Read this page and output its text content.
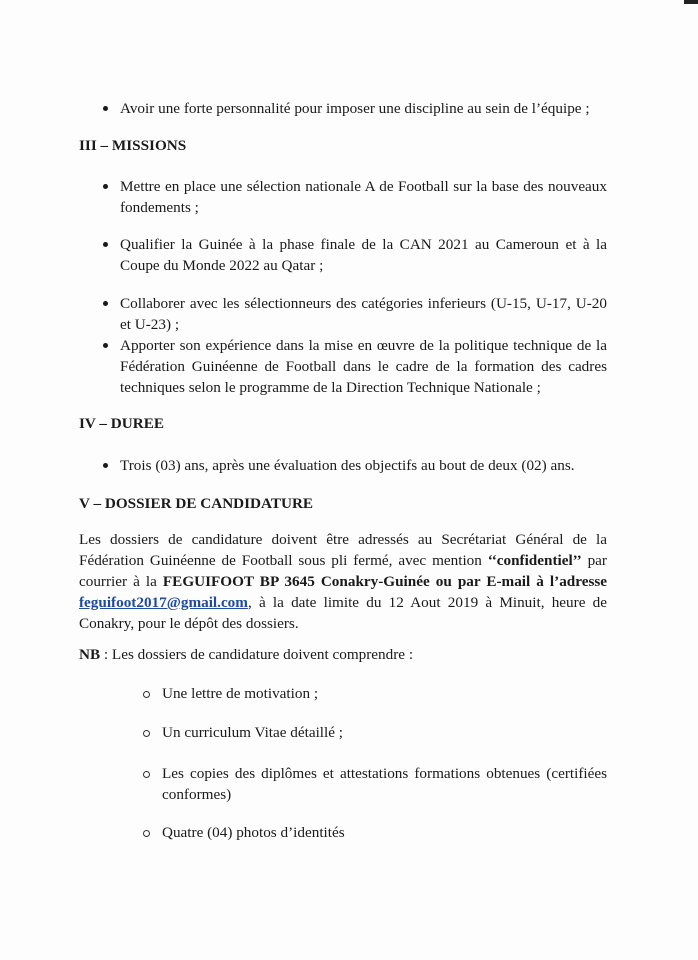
Avoir une forte personnalité pour imposer une discipline au sein de l’équipe ;
III – MISSIONS
Mettre en place une sélection nationale A de Football sur la base des nouveaux fondements ;
Qualifier la Guinée à la phase finale de la CAN 2021 au Cameroun et à la Coupe du Monde 2022 au Qatar ;
Collaborer avec les sélectionneurs des catégories inferieurs (U-15, U-17, U-20 et U-23) ;
Apporter son expérience dans la mise en œuvre de la politique technique de la Fédération Guinéenne de Football dans le cadre de la formation des cadres techniques selon le programme de la Direction Technique Nationale ;
IV – DUREE
Trois (03) ans, après une évaluation des objectifs au bout de deux (02) ans.
V – DOSSIER DE CANDIDATURE
Les dossiers de candidature doivent être adressés au Secrétariat Général de la
Fédération Guinéenne de Football sous pli fermé, avec mention ‘‘confidentiel’’ par
courrier à la FEGUIFOOT BP 3645 Conakry-Guinée ou par E-mail à l’adresse
feguifoot2017@gmail.com, à la date limite du 12 Aout 2019 à Minuit, heure de
Conakry, pour le dépôt des dossiers.
NB : Les dossiers de candidature doivent comprendre :
Une lettre de motivation ;
Un curriculum Vitae détaillé ;
Les copies des diplômes et attestations formations obtenues (certifiées conformes)
Quatre (04) photos d’identités
